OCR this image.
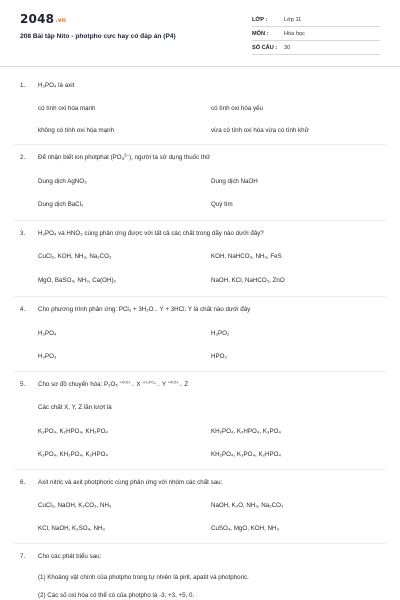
2048.vn
208 Bài tập Nito - photpho cực hay có đáp án (P4)
LỚP :	Lớp 11
MÔN :	Hóa học
SỐ CÂU : 30
1. H₃PO₄ là axit
có tính oxi hóa mạnh	có tính oxi hóa yếu
không có tính oxi hóa mạnh	vừa có tính oxi hóa vừa có tính khử
2. Để nhận biết ion photphat $(PO_4^{3-})$, người ta sử dụng thuốc thử
Dung dịch AgNO₃	Dung dịch NaOH
Dung dịch BaCl₂	Quỳ tím
3. H₃PO₄ và HNO₃ cùng phản ứng được với tất cả các chất trong dãy nào dưới đây?
CuCl₂, KOH, NH₃, Na₂CO₃	KOH, NaHCO₃, NH₃, FeS
MgO, BaSO₄, NH₃, Ca(OH)₂	NaOH, KCl, NaHCO₃, ZnO
4. Cho phương trình phản ứng: PCl₃ + 3H₂O→ Y + 3HCl. Y là chất nào dưới đây
H₃PO₄	H₃PO₂
H₃PO₃	HPO₃
5. Cho sơ đồ chuyển hóa: P₂O₅ $^{+KOH}$→ X $^{+H_3PO_4}$→ Y $^{+KOH}$→ Z
Các chất X, Y, Z lần lượt là
K₃PO₄, K₂HPO₄, KH₂PO₄	KH₂PO₄, K₂HPO₄, K₃PO₄
K₃PO₄, KH₂PO₄, K₂HPO₄	KH₂PO₄, K₃PO₄, K₂HPO₄
6. Axit nitric và axit photphoric cùng phản ứng với nhóm các chất sau:
CuCl₂, NaOH, K₂CO₃, NH₃	NaOH, K₂O, NH₃, Na₂CO₃
KCl, NaOH, K₂SO₄, NH₃	CuSO₄, MgO, KOH, NH₃
7. Cho các phát biểu sau:
(1) Khoáng vật chính của photpho trong tự nhiên là pirit, apatit và photphoric.
(2) Các số oxi hóa có thể có của photpho là -3, +3, +5, 0.
